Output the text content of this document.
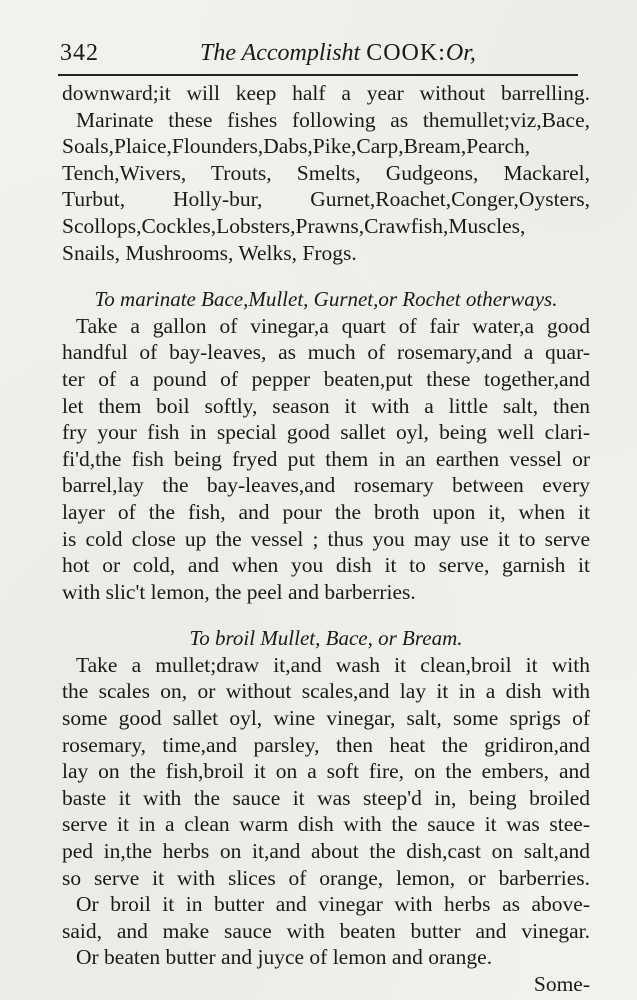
342	The Accomplisht COOK:Or,
downward;it will keep half a year without barrelling.
Marinate these fishes following as themullet;viz,Bace,
Soals,Plaice,Flounders,Dabs,Pike,Carp,Bream,Pearch,
Tench,Wivers, Trouts, Smelts, Gudgeons, Mackarel,
Turbut, Holly-bur, Gurnet,Roachet,Conger,Oysters,
Scollops,Cockles,Lobsters,Prawns,Crawfish,Muscles,
Snails, Mushrooms, Welks, Frogs.
To marinate Bace,Mullet, Gurnet,or Rochet otherways.
Take a gallon of vinegar,a quart of fair water,a good
handful of bay-leaves, as much of rosemary,and a quar-
ter of a pound of pepper beaten,put these together,and
let them boil softly, season it with a little salt, then
fry your fish in special good sallet oyl, being well clari-
fi'd,the fish being fryed put them in an earthen vessel or
barrel,lay the bay-leaves,and rosemary between every
layer of the fish, and pour the broth upon it, when it
is cold close up the vessel ; thus you may use it to serve
hot or cold, and when you dish it to serve, garnish it
with slic't lemon, the peel and barberries.
To broil Mullet, Bace, or Bream.
Take a mullet;draw it,and wash it clean,broil it with
the scales on, or without scales,and lay it in a dish with
some good sallet oyl, wine vinegar, salt, some sprigs of
rosemary, time,and parsley, then heat the gridiron,and
lay on the fish,broil it on a soft fire, on the embers, and
baste it with the sauce it was steep'd in, being broiled
serve it in a clean warm dish with the sauce it was stee-
ped in,the herbs on it,and about the dish,cast on salt,and
so serve it with slices of orange, lemon, or barberries.
Or broil it in butter and vinegar with herbs as above-
said, and make sauce with beaten butter and vinegar.
Or beaten butter and juyce of lemon and orange.
Some-
